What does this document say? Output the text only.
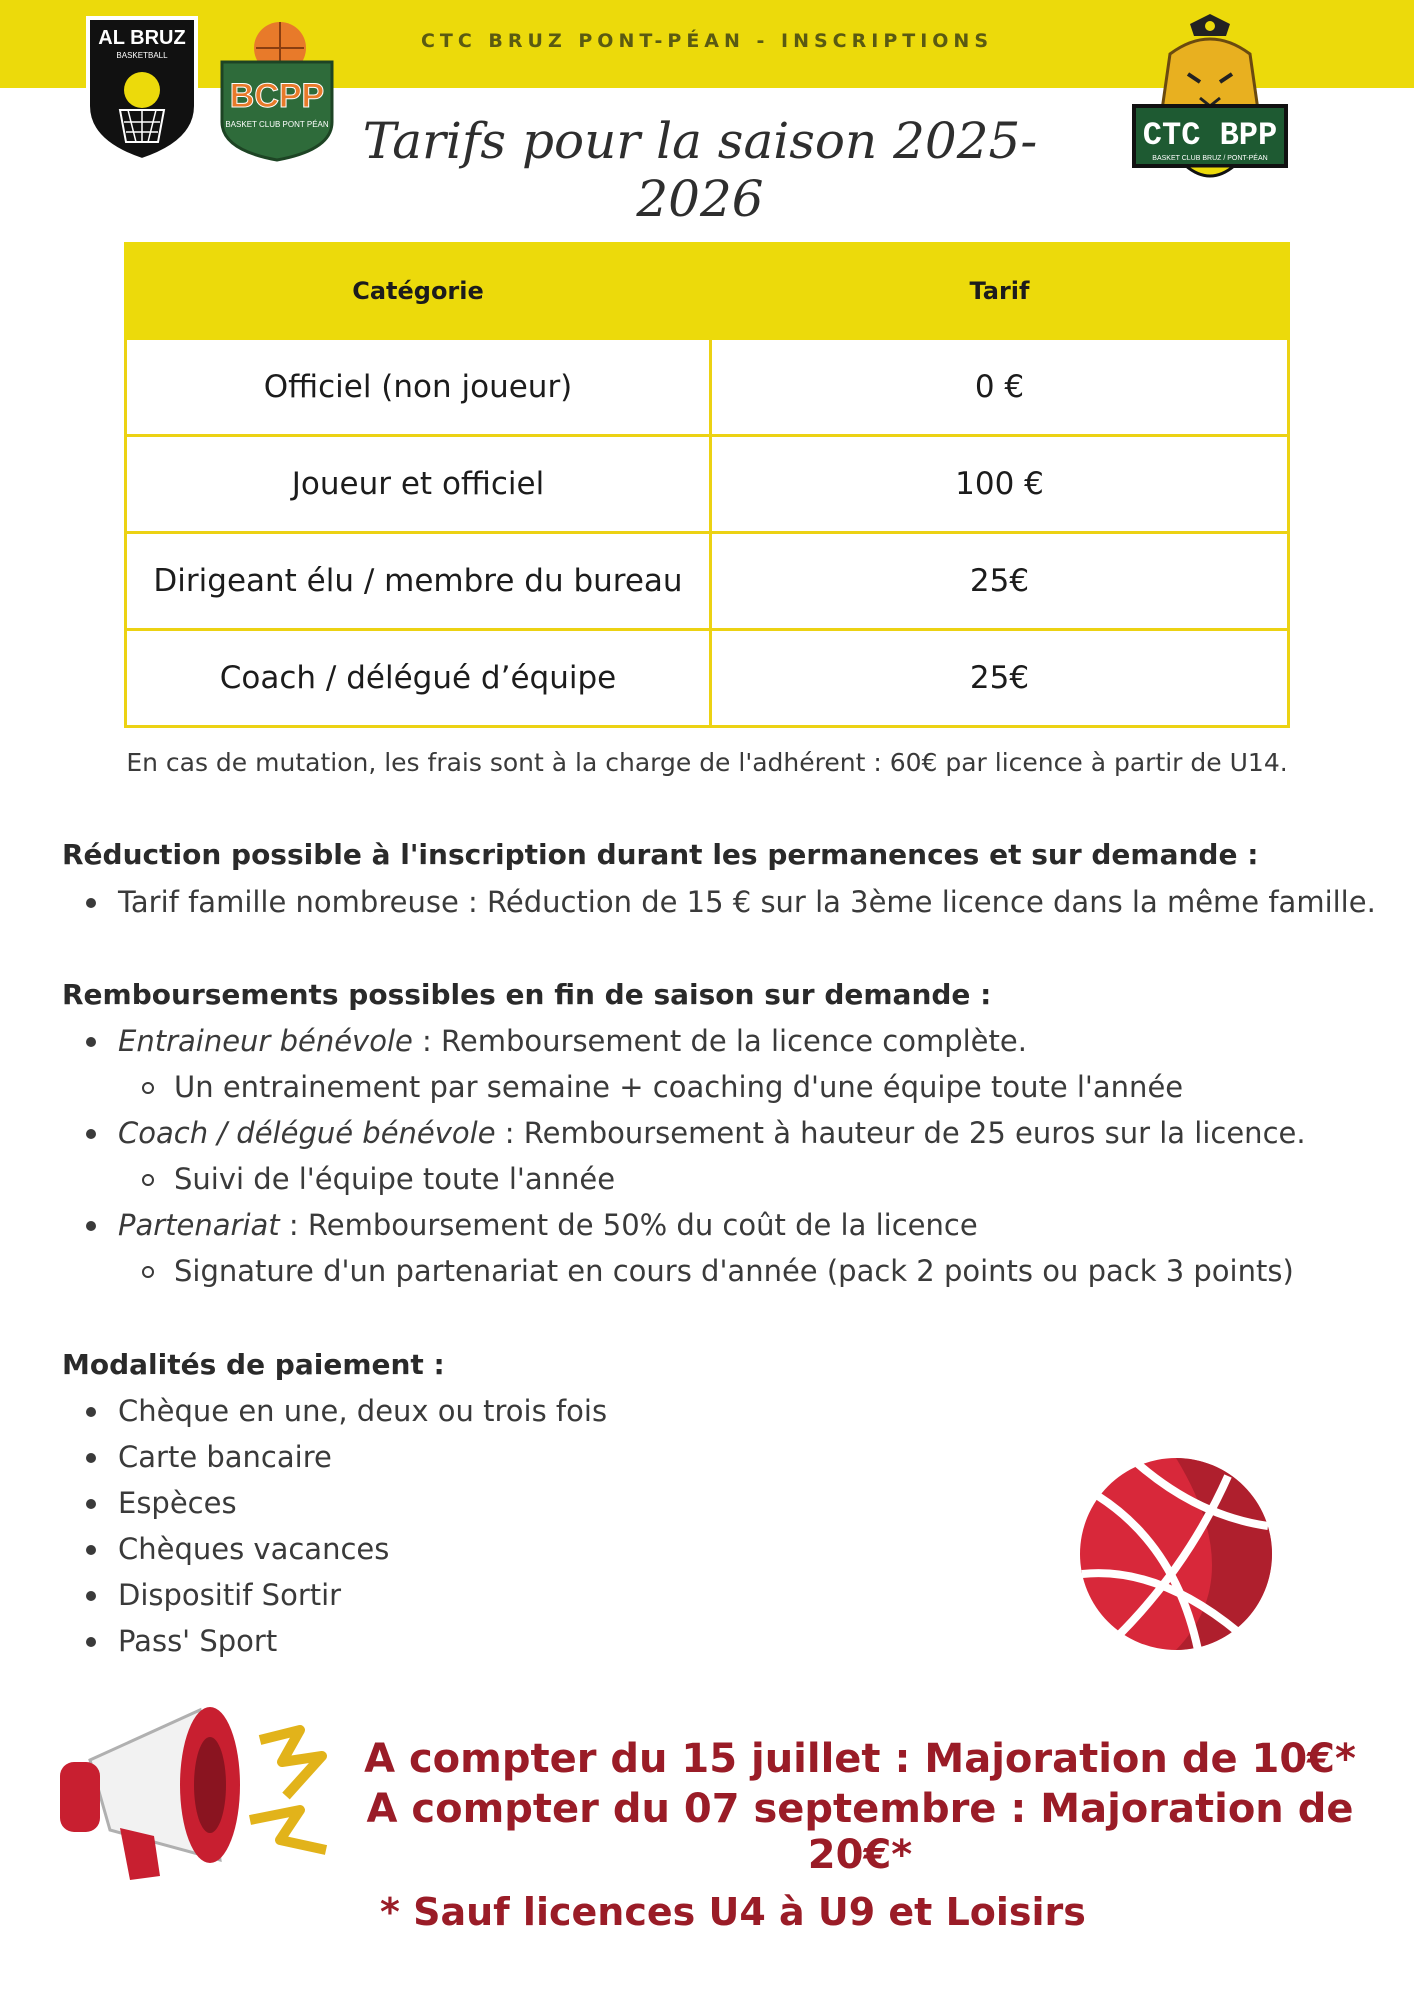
CTC BRUZ PONT-PÉAN - INSCRIPTIONS
AL BRUZ
BASKETBALL
BCPP
BASKET CLUB PONT PÉAN	CTC BPP
BASKET CLUB BRUZ / PONT-PÉAN
Tarifs pour la saison 2025-2026
Catégorie	Tarif
Officiel (non joueur)	0 €
Joueur et officiel	100 €
Dirigeant élu / membre du bureau	25€
Coach / délégué d’équipe	25€
En cas de mutation, les frais sont à la charge de l'adhérent : 60€ par licence à partir de U14.
Réduction possible à l'inscription durant les permanences et sur demande :
Tarif famille nombreuse : Réduction de 15 € sur la 3ème licence dans la même famille.
Remboursements possibles en fin de saison sur demande :
Entraineur bénévole : Remboursement de la licence complète.
Un entrainement par semaine + coaching d'une équipe toute l'année
Coach / délégué bénévole : Remboursement à hauteur de 25 euros sur la licence.
Suivi de l'équipe toute l'année
Partenariat : Remboursement de 50% du coût de la licence
Signature d'un partenariat en cours d'année (pack 2 points ou pack 3 points)
Modalités de paiement :
Chèque en une, deux ou trois fois
Carte bancaire
Espèces
Chèques vacances
Dispositif Sortir
Pass' Sport
A compter du 15 juillet : Majoration de 10€*
A compter du 07 septembre : Majoration de 20€*
* Sauf licences U4 à U9 et Loisirs
